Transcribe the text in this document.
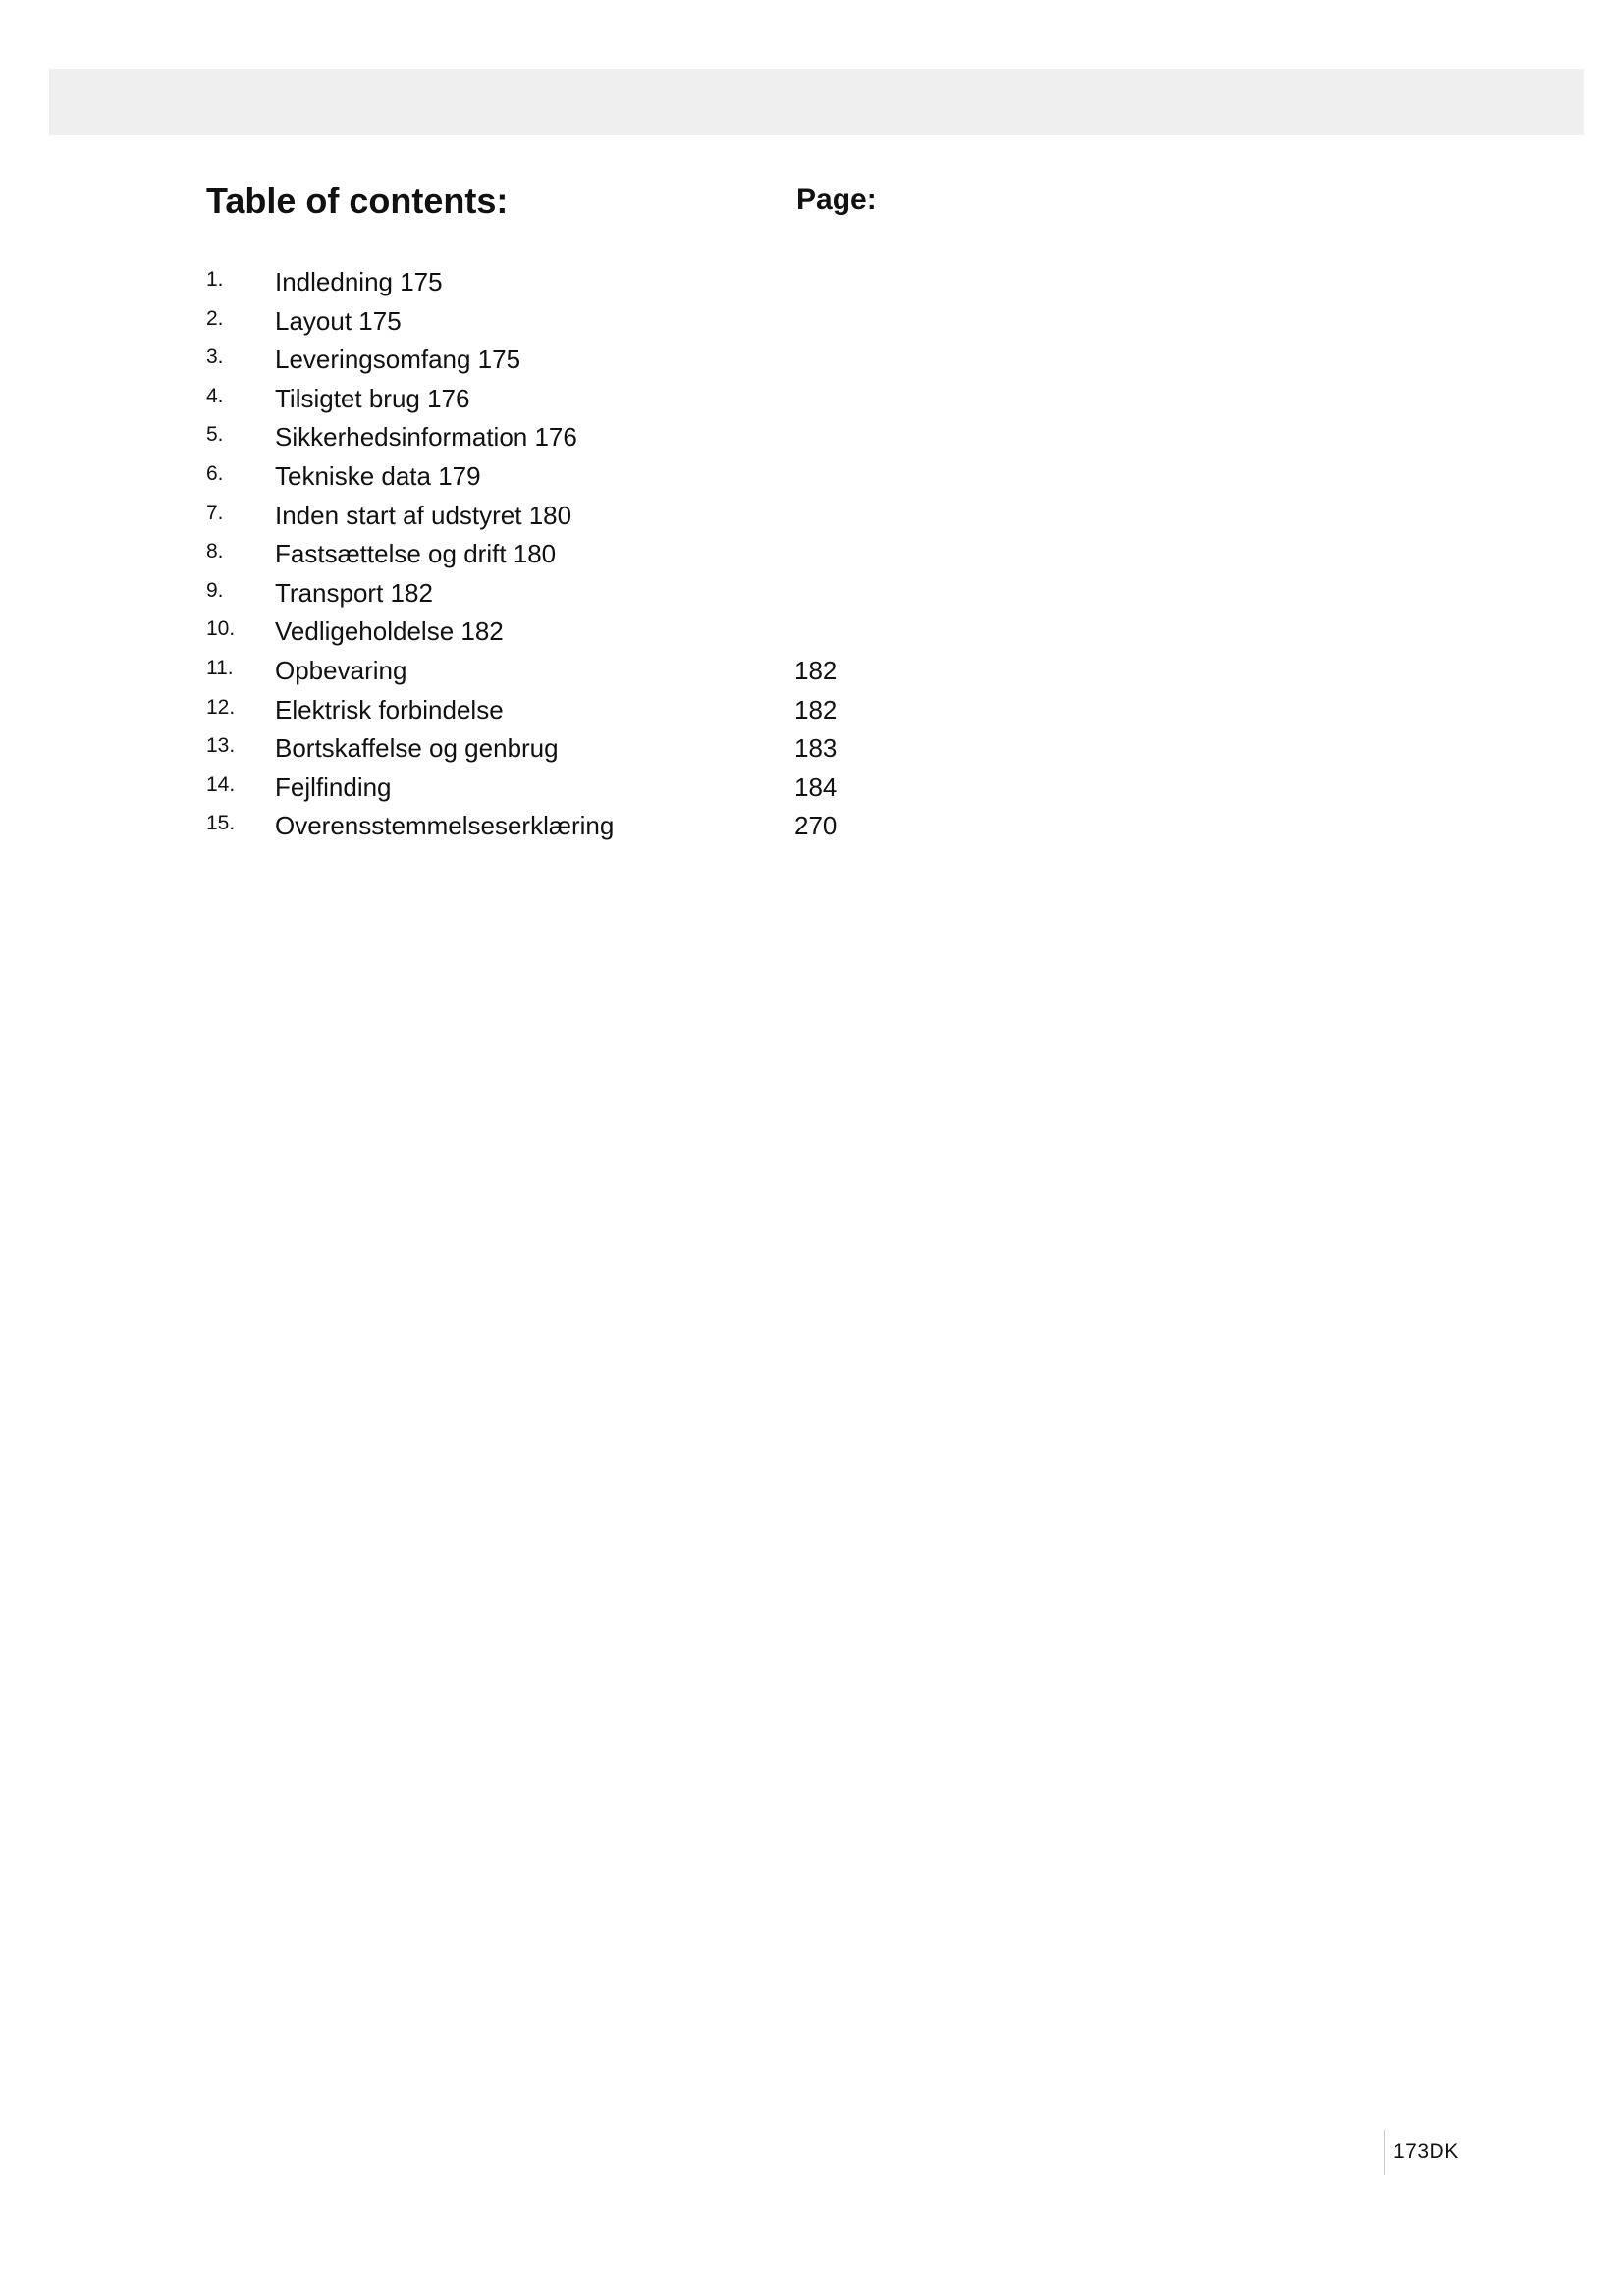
Table of contents:	Page:
1. Indledning 175
2. Layout 175
3. Leveringsomfang 175
4. Tilsigtet brug 176
5. Sikkerhedsinformation 176
6. Tekniske data 179
7. Inden start af udstyret 180
8. Fastsættelse og drift 180
9. Transport 182
10. Vedligeholdelse 182
11. Opbevaring	182
12. Elektrisk forbindelse	182
13. Bortskaffelse og genbrug	183
14. Fejlfinding	184
15. Overensstemmelseserklæring	270
173DK
